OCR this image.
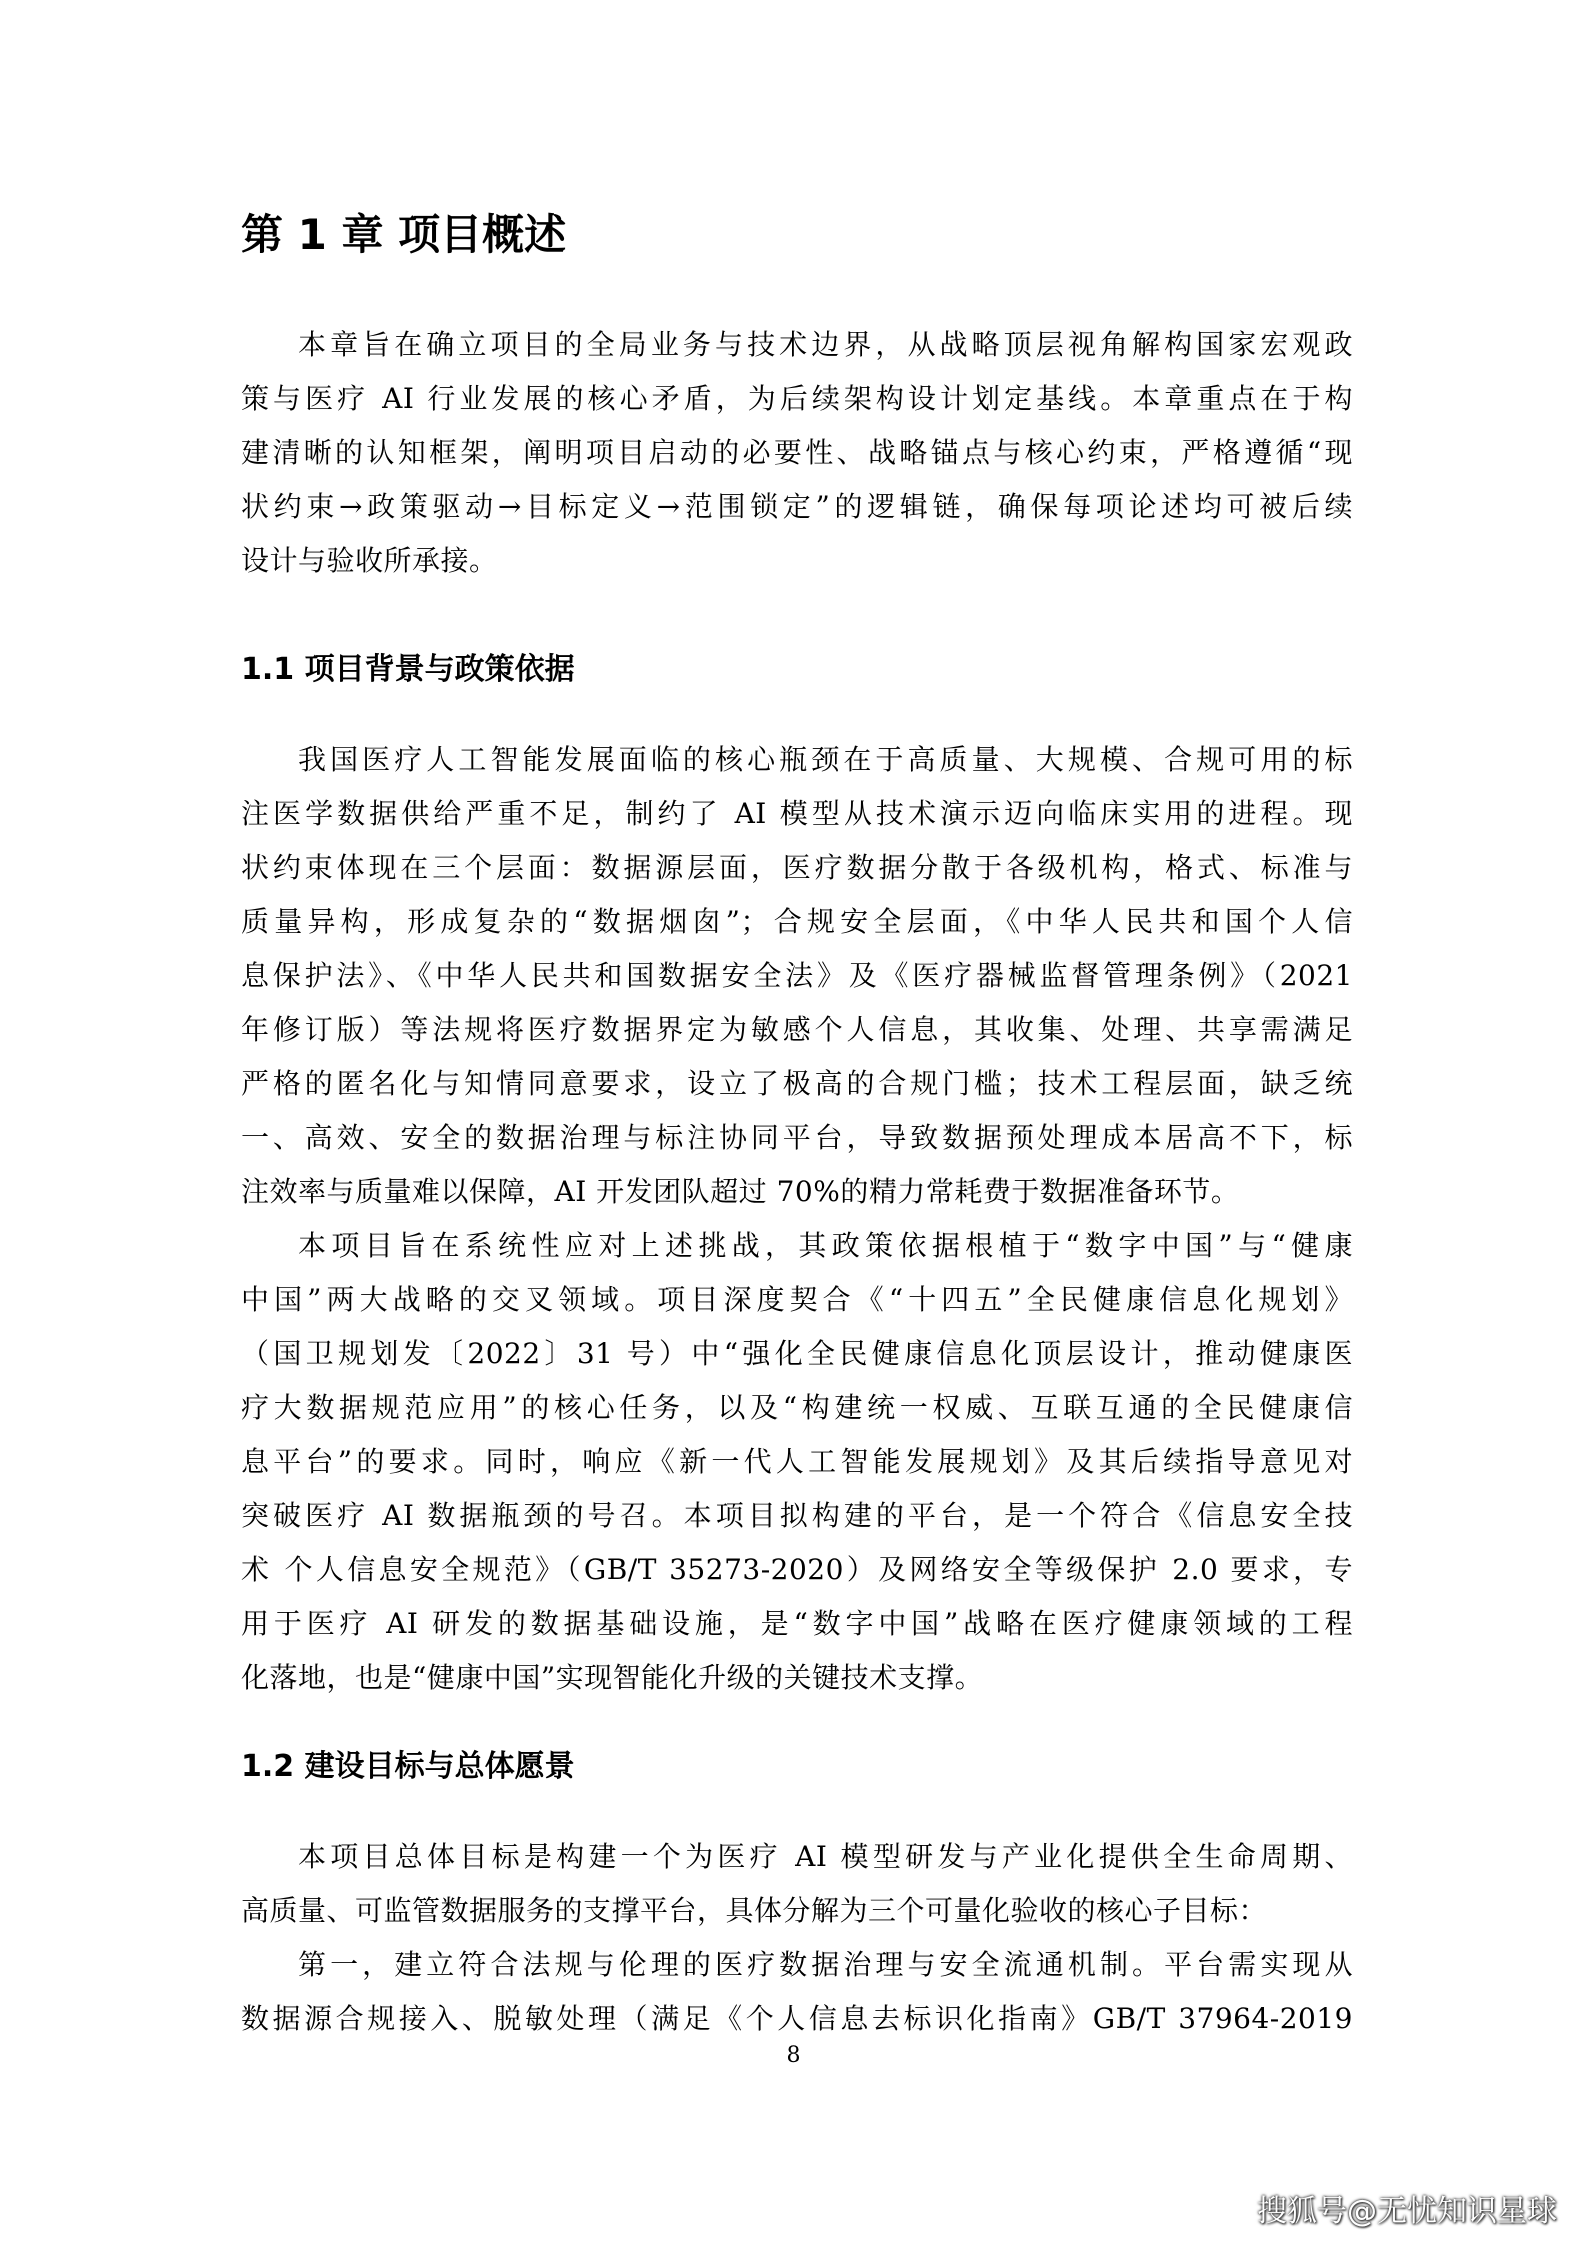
第 1 章 项目概述
本章旨在确立项目的全局业务与技术边界，从战略顶层视角解构国家宏观政
策与医疗 AI 行业发展的核心矛盾，为后续架构设计划定基线。本章重点在于构
建清晰的认知框架，阐明项目启动的必要性、战略锚点与核心约束，严格遵循“现
状约束→政策驱动→目标定义→范围锁定”的逻辑链，确保每项论述均可被后续
设计与验收所承接。
1.1 项目背景与政策依据
我国医疗人工智能发展面临的核心瓶颈在于高质量、大规模、合规可用的标
注医学数据供给严重不足，制约了 AI 模型从技术演示迈向临床实用的进程。现
状约束体现在三个层面：数据源层面，医疗数据分散于各级机构，格式、标准与
质量异构，形成复杂的“数据烟囱”；合规安全层面，《中华人民共和国个人信
息保护法》、《中华人民共和国数据安全法》及《医疗器械监督管理条例》（2021
年修订版）等法规将医疗数据界定为敏感个人信息，其收集、处理、共享需满足
严格的匿名化与知情同意要求，设立了极高的合规门槛；技术工程层面，缺乏统
一、高效、安全的数据治理与标注协同平台，导致数据预处理成本居高不下，标
注效率与质量难以保障，AI 开发团队超过 70%的精力常耗费于数据准备环节。
本项目旨在系统性应对上述挑战，其政策依据根植于“数字中国”与“健康
中国”两大战略的交叉领域。项目深度契合《“十四五”全民健康信息化规划》
（国卫规划发〔2022〕31 号）中“强化全民健康信息化顶层设计，推动健康医
疗大数据规范应用”的核心任务，以及“构建统一权威、互联互通的全民健康信
息平台”的要求。同时，响应《新一代人工智能发展规划》及其后续指导意见对
突破医疗 AI 数据瓶颈的号召。本项目拟构建的平台，是一个符合《信息安全技
术 个人信息安全规范》（GB/T 35273-2020）及网络安全等级保护 2.0 要求，专
用于医疗 AI 研发的数据基础设施，是“数字中国”战略在医疗健康领域的工程
化落地，也是“健康中国”实现智能化升级的关键技术支撑。
1.2 建设目标与总体愿景
本项目总体目标是构建一个为医疗 AI 模型研发与产业化提供全生命周期、
高质量、可监管数据服务的支撑平台，具体分解为三个可量化验收的核心子目标：
第一，建立符合法规与伦理的医疗数据治理与安全流通机制。平台需实现从
数据源合规接入、脱敏处理（满足《个人信息去标识化指南》GB/T 37964-2019
8
搜狐号@无忧知识星球
